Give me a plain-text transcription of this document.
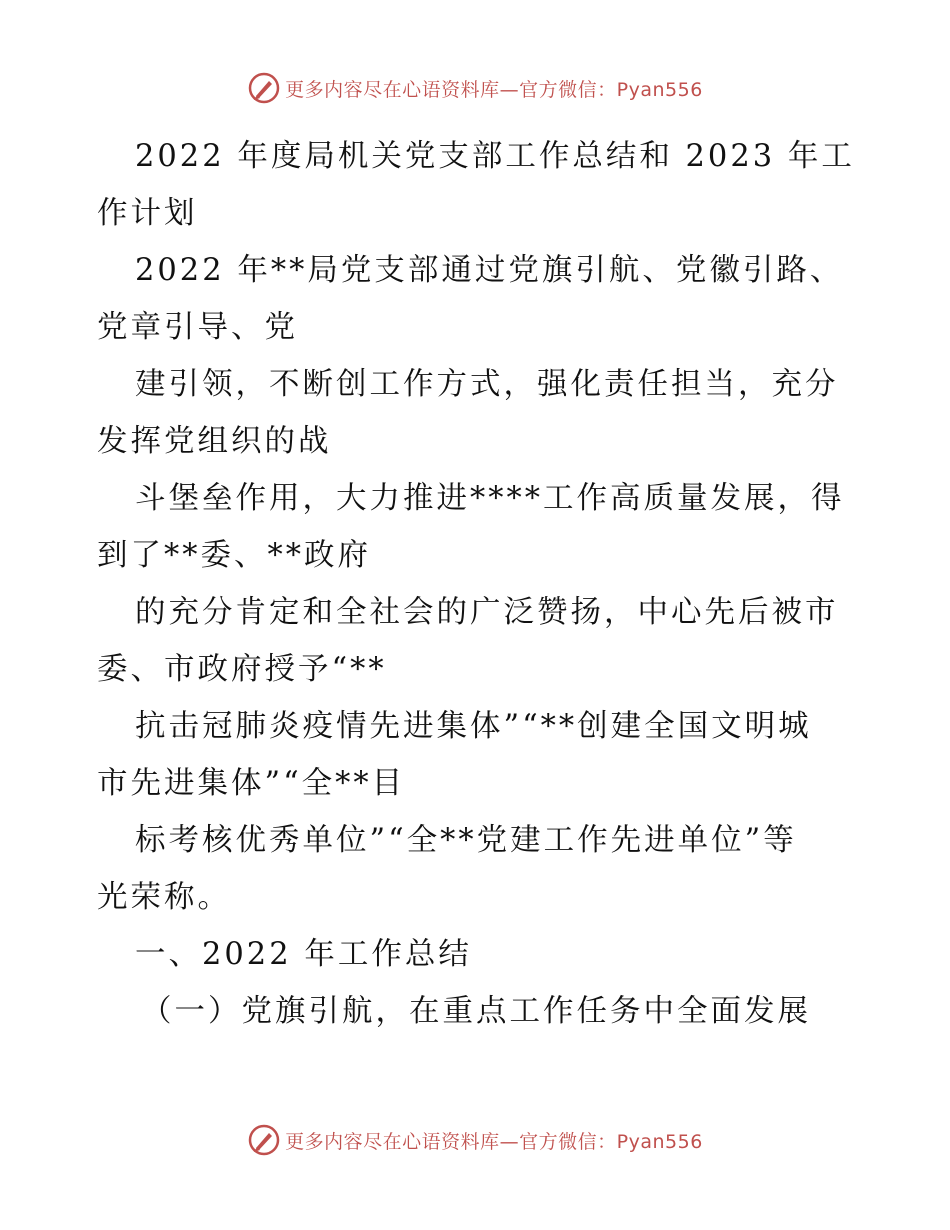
更多内容尽在心语资料库—官方微信：Pyan556

2022 年度局机关党支部工作总结和 2023 年工

作计划

2022 年**局党支部通过党旗引航、党徽引路、

党章引导、党

建引领，不断创工作方式，强化责任担当，充分

发挥党组织的战

斗堡垒作用，大力推进****工作高质量发展，得

到了**委、**政府

的充分肯定和全社会的广泛赞扬，中心先后被市

委、市政府授予“**

抗击冠肺炎疫情先进集体”“**创建全国文明城

市先进集体”“全**目

标考核优秀单位”“全**党建工作先进单位”等

光荣称。

一、2022 年工作总结

（一）党旗引航，在重点工作任务中全面发展

更多内容尽在心语资料库—官方微信：Pyan556
